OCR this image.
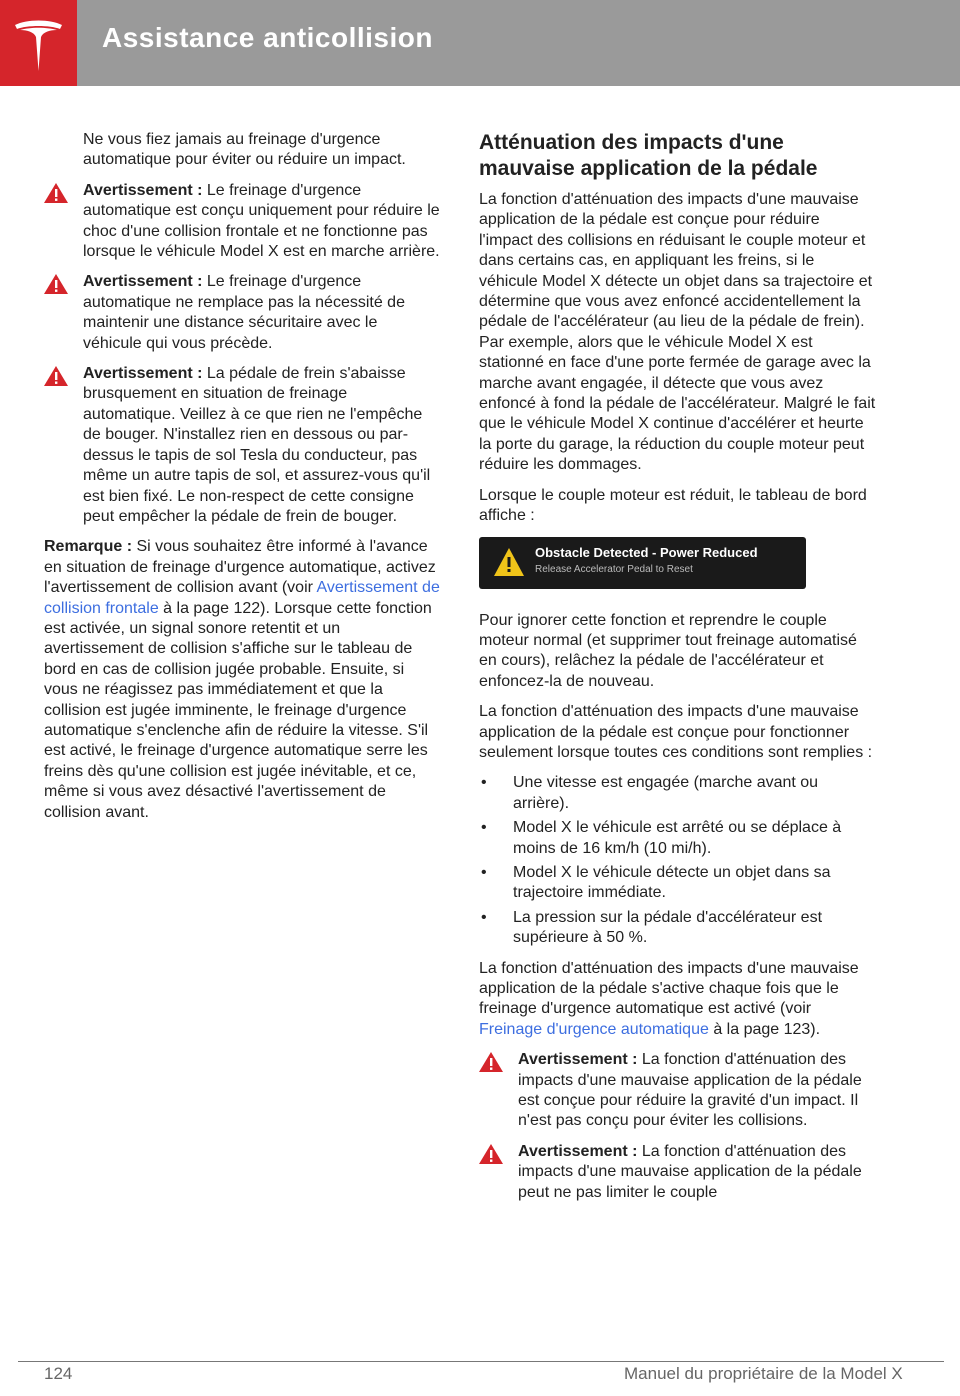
Assistance anticollision

Ne vous fiez jamais au freinage d'urgence automatique pour éviter ou réduire un impact.

Avertissement : Le freinage d'urgence automatique est conçu uniquement pour réduire le choc d'une collision frontale et ne fonctionne pas lorsque le véhicule Model X est en marche arrière.
Avertissement : Le freinage d'urgence automatique ne remplace pas la nécessité de maintenir une distance sécuritaire avec le véhicule qui vous précède.
Avertissement : La pédale de frein s'abaisse brusquement en situation de freinage automatique. Veillez à ce que rien ne l'empêche de bouger. N'installez rien en dessous ou par-dessus le tapis de sol Tesla du conducteur, pas même un autre tapis de sol, et assurez-vous qu'il est bien fixé. Le non-respect de cette consigne peut empêcher la pédale de frein de bouger.

Remarque : Si vous souhaitez être informé à l'avance en situation de freinage d'urgence automatique, activez l'avertissement de collision avant (voir Avertissement de collision frontale à la page 122). Lorsque cette fonction est activée, un signal sonore retentit et un avertissement de collision s'affiche sur le tableau de bord en cas de collision jugée probable. Ensuite, si vous ne réagissez pas immédiatement et que la collision est jugée imminente, le freinage d'urgence automatique s'enclenche afin de réduire la vitesse. S'il est activé, le freinage d'urgence automatique serre les freins dès qu'une collision est jugée inévitable, et ce, même si vous avez désactivé l'avertissement de collision avant.

Atténuation des impacts d'une mauvaise application de la pédale

La fonction d'atténuation des impacts d'une mauvaise application de la pédale est conçue pour réduire l'impact des collisions en réduisant le couple moteur et dans certains cas, en appliquant les freins, si le véhicule Model X détecte un objet dans sa trajectoire et détermine que vous avez enfoncé accidentellement la pédale de l'accélérateur (au lieu de la pédale de frein). Par exemple, alors que le véhicule Model X est stationné en face d'une porte fermée de garage avec la marche avant engagée, il détecte que vous avez enfoncé à fond la pédale de l'accélérateur. Malgré le fait que le véhicule Model X continue d'accélérer et heurte la porte du garage, la réduction du couple moteur peut réduire les dommages.

Lorsque le couple moteur est réduit, le tableau de bord affiche :

Obstacle Detected - Power Reduced
Release Accelerator Pedal to Reset

Pour ignorer cette fonction et reprendre le couple moteur normal (et supprimer tout freinage automatisé en cours), relâchez la pédale de l'accélérateur et enfoncez-la de nouveau.

La fonction d'atténuation des impacts d'une mauvaise application de la pédale est conçue pour fonctionner seulement lorsque toutes ces conditions sont remplies :

• Une vitesse est engagée (marche avant ou arrière).
• Model X le véhicule est arrêté ou se déplace à moins de 16 km/h (10 mi/h).
• Model X le véhicule détecte un objet dans sa trajectoire immédiate.
• La pression sur la pédale d'accélérateur est supérieure à 50 %.

La fonction d'atténuation des impacts d'une mauvaise application de la pédale s'active chaque fois que le freinage d'urgence automatique est activé (voir Freinage d'urgence automatique à la page 123).

Avertissement : La fonction d'atténuation des impacts d'une mauvaise application de la pédale est conçue pour réduire la gravité d'un impact. Il n'est pas conçu pour éviter les collisions.
Avertissement : La fonction d'atténuation des impacts d'une mauvaise application de la pédale peut ne pas limiter le couple
124	Manuel du propriétaire de la Model X
